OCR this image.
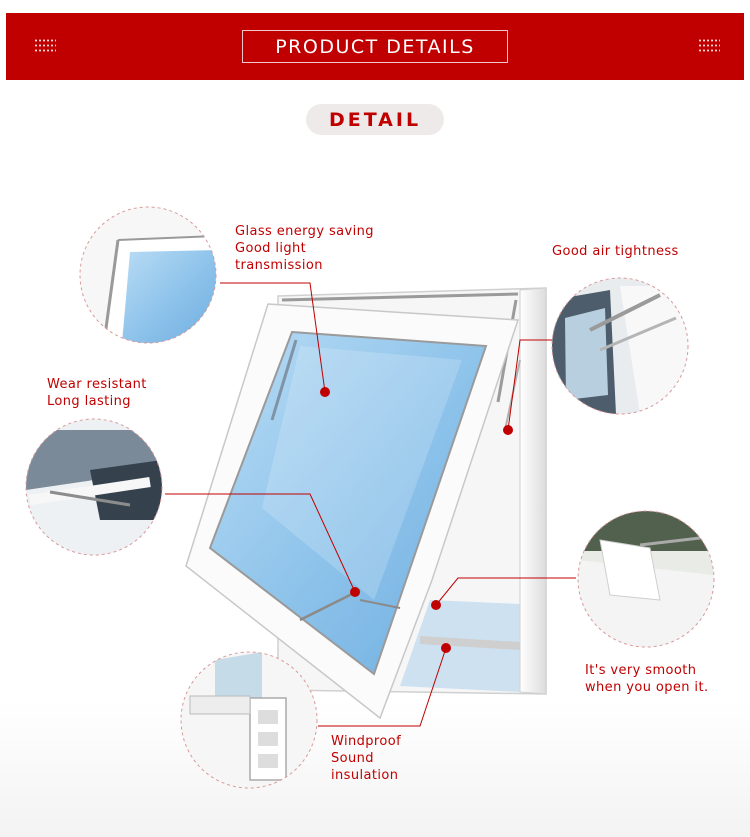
PRODUCT DETAILS
DETAIL
Glass energy saving
Good light
transmission
Good air tightness
Wear resistant
Long lasting
It's very smooth
when you open it.
Windproof
Sound
insulation
